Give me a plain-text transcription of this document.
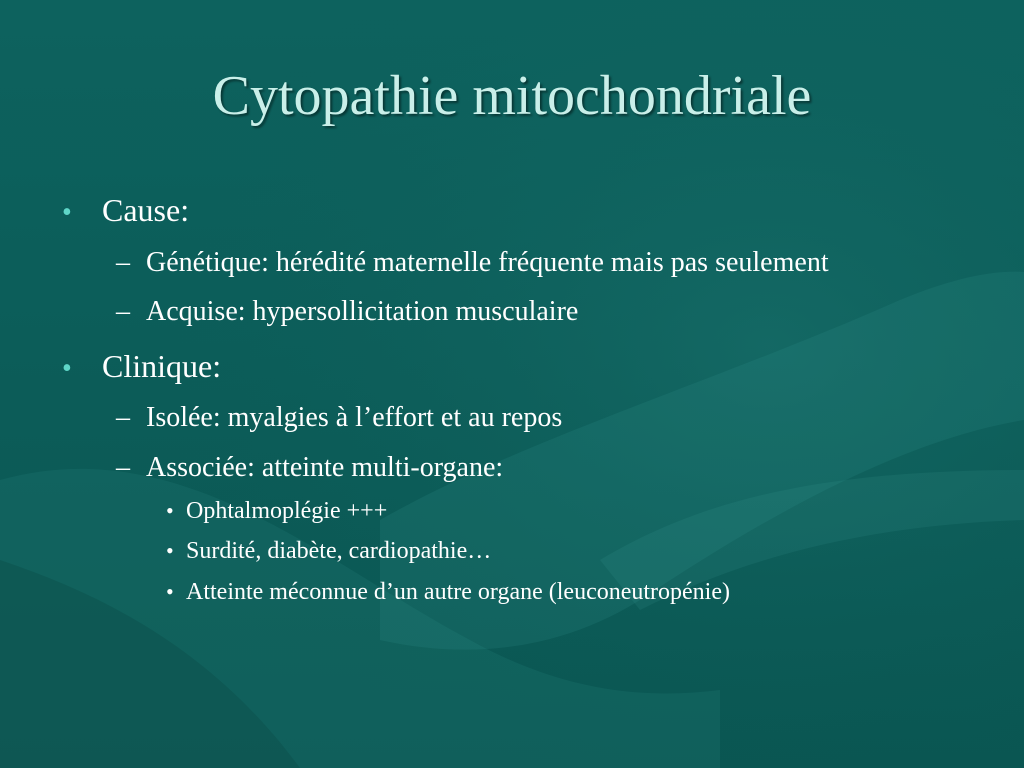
Cytopathie mitochondriale
• Cause:
– Génétique: hérédité maternelle fréquente mais pas seulement
– Acquise: hypersollicitation musculaire
• Clinique:
– Isolée: myalgies à l’effort et au repos
– Associée: atteinte multi-organe:
• Ophtalmoplégie +++
• Surdité, diabète, cardiopathie…
• Atteinte méconnue d’un autre organe (leuconeutropénie)
